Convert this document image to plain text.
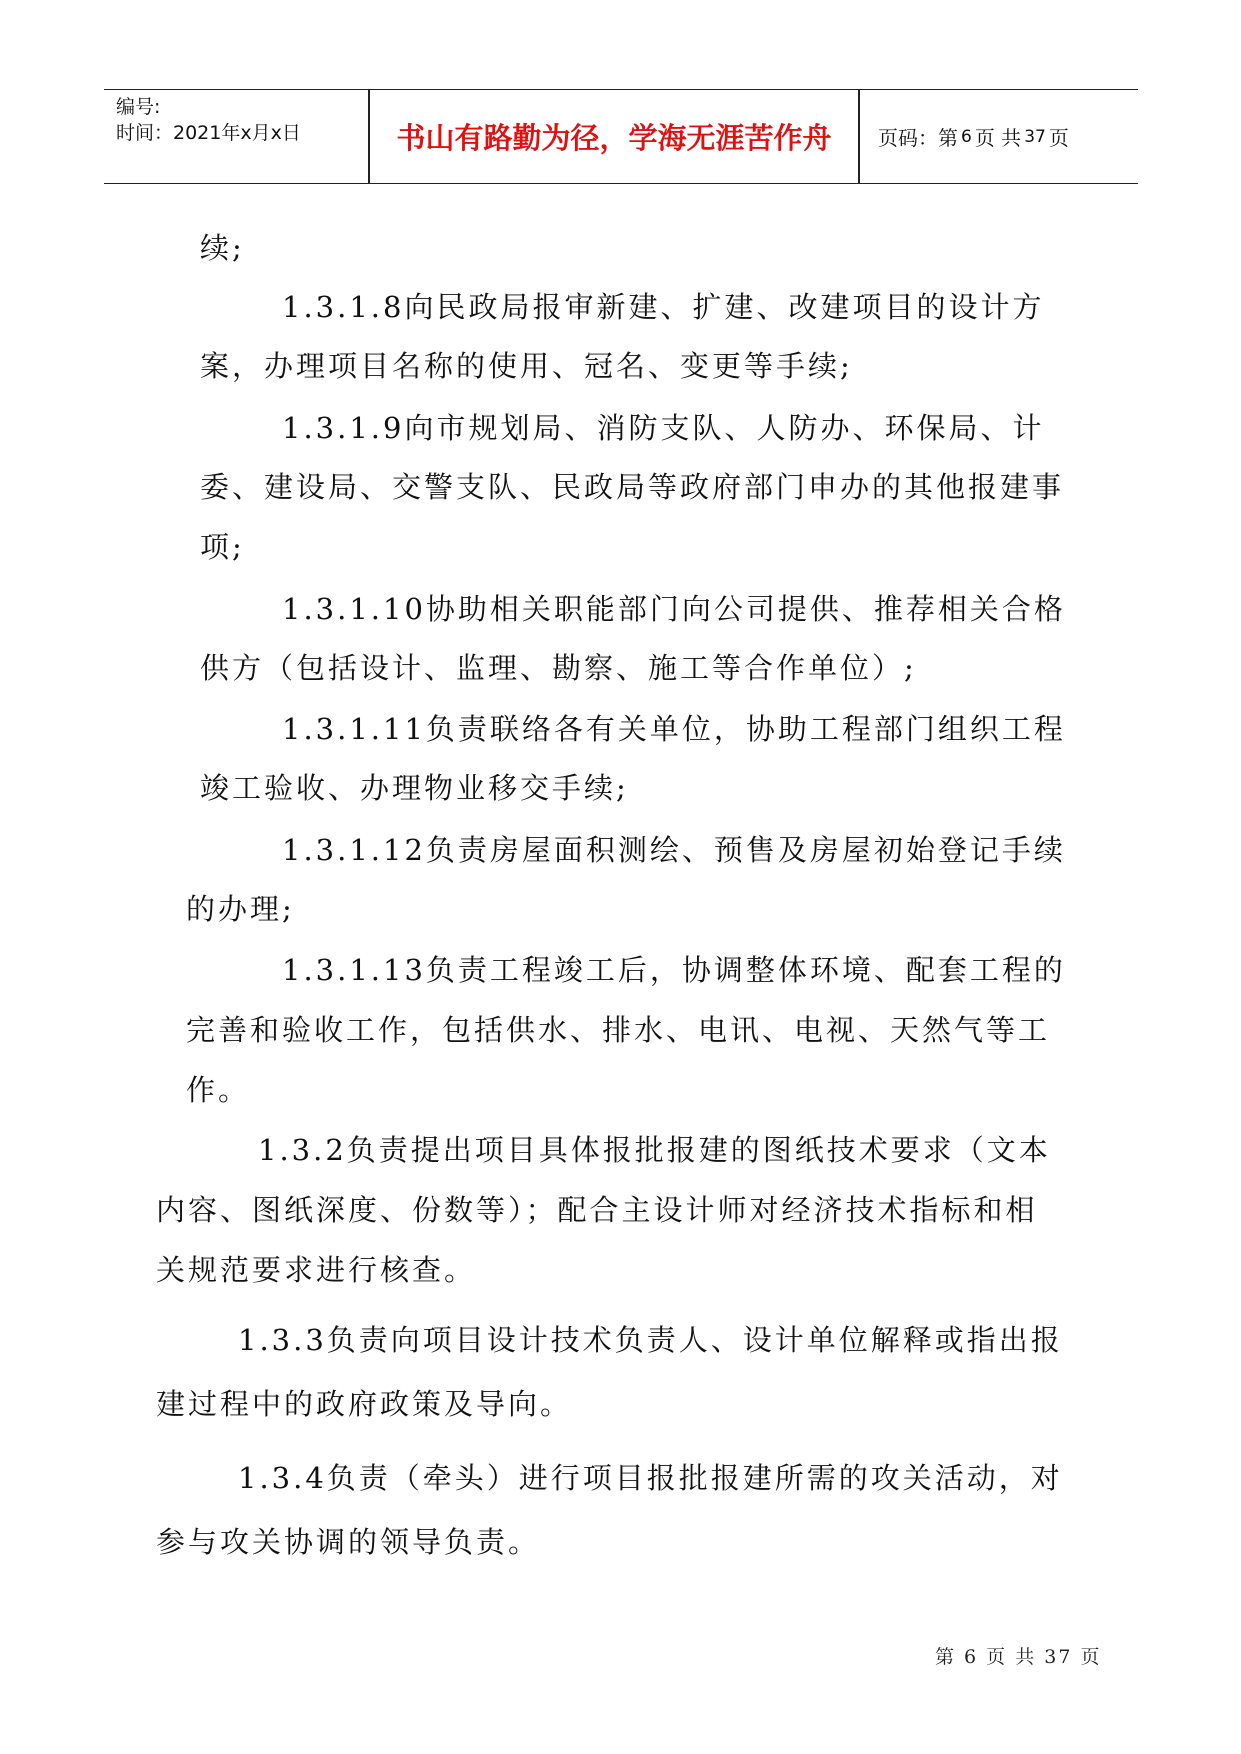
编号:
时间：2021年x月x日	书山有路勤为径，学海无涯苦作舟	页码：第 6 页 共 37 页
续;
1.3.1.8向民政局报审新建、扩建、改建项目的设计方
案，办理项目名称的使用、冠名、变更等手续;
1.3.1.9向市规划局、消防支队、人防办、环保局、计
委、建设局、交警支队、民政局等政府部门申办的其他报建事
项;
1.3.1.10协助相关职能部门向公司提供、推荐相关合格
供方（包括设计、监理、勘察、施工等合作单位）;
1.3.1.11负责联络各有关单位，协助工程部门组织工程
竣工验收、办理物业移交手续;
1.3.1.12负责房屋面积测绘、预售及房屋初始登记手续
的办理;
1.3.1.13负责工程竣工后，协调整体环境、配套工程的
完善和验收工作，包括供水、排水、电讯、电视、天然气等工
作。
1.3.2负责提出项目具体报批报建的图纸技术要求（文本
内容、图纸深度、份数等）；配合主设计师对经济技术指标和相
关规范要求进行核查。
1.3.3负责向项目设计技术负责人、设计单位解释或指出报
建过程中的政府政策及导向。
1.3.4负责（牵头）进行项目报批报建所需的攻关活动，对
参与攻关协调的领导负责。
第 6 页 共 37 页
